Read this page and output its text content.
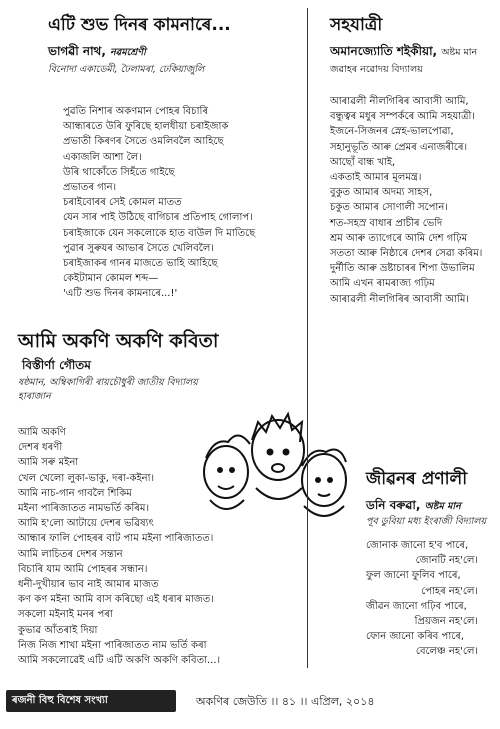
এটি শুভ দিনৰ কামনাৰে...
ভাগৱী নাথ, নৱমশ্রেণী
বিনোদা একাডেমী, ঢৈলামৰা, ঢেকিয়াজুলি
পুৱতি নিশাৰ অকণমান পোহৰ বিচাৰি
আন্ধাৰতে উৰি ফুৰিছে হালধীয়া চৰাইজাক
প্ৰভাতী কিৰণৰ সৈতে ওমলিবলৈ আহিছে
একাজলি আশা লৈ।
উৰি থাকোঁতে সিহঁতে গাইছে
প্ৰভাতৰ গান।
চৰাইবোৰৰ সেই কোমল মাতত
যেন সাৰ পাই উঠিছে বাগিচাৰ প্ৰতিপাহ গোলাপ।
চৰাইজাকে যেন সকলোকে হাত বাউল দি মাতিছে
পুৱাৰ সুৰুযৰ আভাৰ সৈতে খেলিবলৈ।
চৰাইজাকৰ গানৰ মাজতে ভাহি আহিছে
কেইটামান কোমল শব্দ—
'এটি শুভ দিনৰ কামনাৰে...!'
আমি অকণি অকণি কবিতা
বিস্তীৰ্ণা গৌতম
ষষ্ঠমান, অম্বিকাগিৰী ৰায়চৌধুৰী জাতীয় বিদ্যালয়
হাৰাজান
আমি অকণি
দেশৰ ধৰণী
আমি সৰু মইনা
খেল খেলো লুকা-ভাকু, দৰা-কইনা।
আমি নাচ-গান গাবলৈ শিকিম
মইনা পাৰিজাতত নামভৰ্তি কৰিম।
আমি হ'লো আটায়ে দেশৰ ভৱিষ্যৎ
আন্ধাৰ ফালি পোহৰৰ বাট পাম মইনা পাৰিজাতত।
আমি লাচিতৰ দেশৰ সন্তান
বিচাৰি যাম আমি পোহৰৰ সন্ধান।
ধনী-দুখীয়াৰ ভাব নাই আমাৰ মাজত
কণ কণ মইনা আমি বাস কৰিছো এই ধৰাৰ মাজত।
সকলো মইনাই মনৰ পৰা
কুভাৱ আঁতৰাই দিয়া
নিজ নিজ শাখা মইনা পাৰিজাতত নাম ভৰ্তি কৰা
আমি সকলোৱেই এটি এটি অকণি অকণি কবিতা...।
সহযাত্ৰী
অমানজ্যোতি শইকীয়া, অষ্টম মান
জৱাহৰ নৱোদয় বিদ্যালয়
আৰাৱলী নীলগিৰিৰ আবাসী আমি,
বন্ধুত্বৰ মধুৰ সম্পৰ্কৰে আমি সহযাত্ৰী।
ইজনে-সিজনৰ স্নেহ-ভালপোৱা,
সহানুভূতি আৰু প্ৰেমৰ এনাজৰীৰে।
আছোঁ বান্ধ খাই,
একতাই আমাৰ মূলমন্ত্ৰ।
বুকুত আমাৰ অদম্য সাহস,
চকুত আমাৰ সোণালী সপোন।
শত-সহস্ৰ বাধাৰ প্ৰাচীৰ ভেদি
শ্ৰম আৰু ত্যাগেৰে আমি দেশ গঢ়িম
সততা আৰু নিষ্ঠাৰে দেশৰ সেৱা কৰিম।
দুৰ্নীতি আৰু ভ্ৰষ্টাচাৰৰ শিপা উভালিম
আমি এখন ৰামৰাজ্য গঢ়িম
আৰাৱলী নীলগিৰিৰ আবাসী আমি।
জীৱনৰ প্ৰণালী
ডনি বৰুৱা, অষ্টম মান
পূব ডুবিয়া মধ্য ইংৰাজী বিদ্যালয়
জোনাক জানো হ'ব পাৰে,
জোনটি নহ'লে।
ফুল জানো ফুলিব পাৰে,
পোহৰ নহ'লে।
জীৱন জানো গঢ়িব পাৰে,
প্ৰিয়জন নহ'লে।
ফোন জানো কৰিব পাৰে,
বেলেঞ্চ নহ'লে।
ৰজনী বিহু বিশেষ সংখ্যা	অকণিৰ জেউতি ।। ৪১ ।। এপ্ৰিল, ২০১৪
